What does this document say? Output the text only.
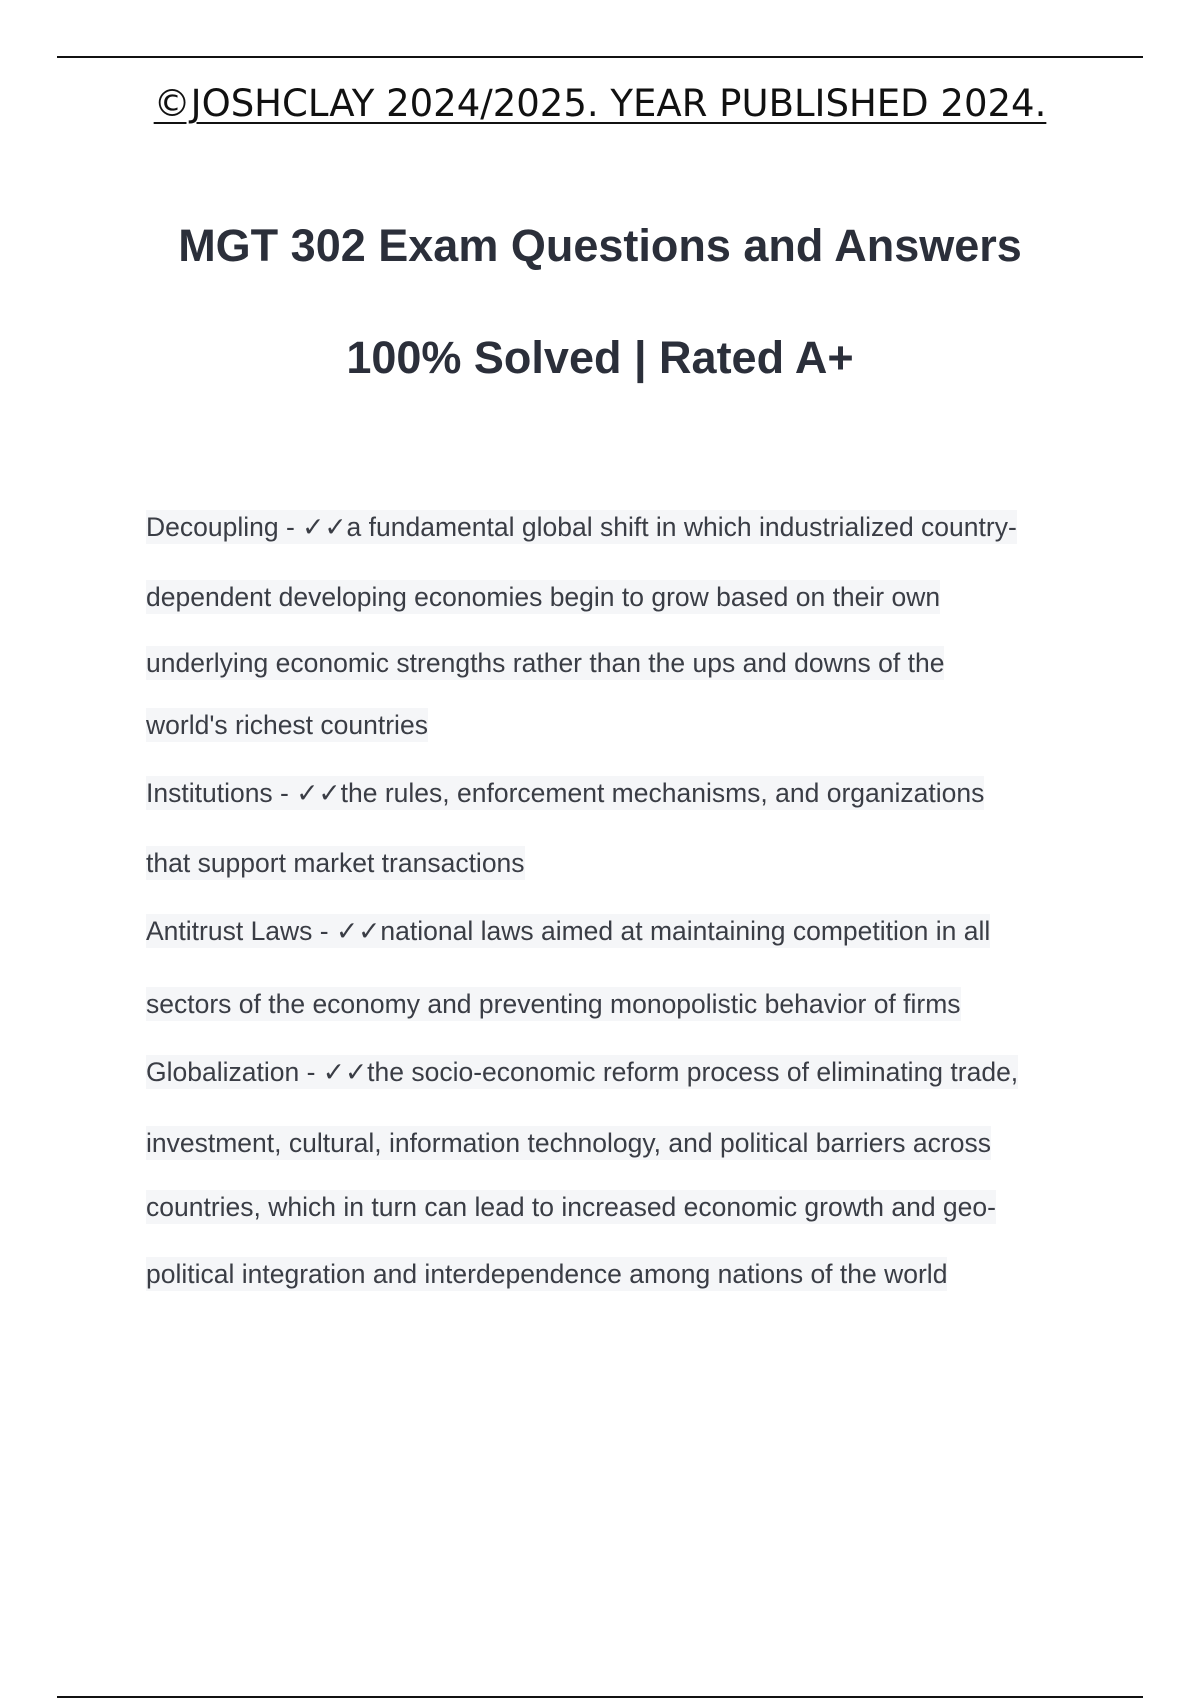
©JOSHCLAY 2024/2025. YEAR PUBLISHED 2024.
MGT 302 Exam Questions and Answers
100% Solved | Rated A+
Decoupling - ✓✓a fundamental global shift in which industrialized country-
dependent developing economies begin to grow based on their own
underlying economic strengths rather than the ups and downs of the
world's richest countries
Institutions - ✓✓the rules, enforcement mechanisms, and organizations
that support market transactions
Antitrust Laws - ✓✓national laws aimed at maintaining competition in all
sectors of the economy and preventing monopolistic behavior of firms
Globalization - ✓✓the socio-economic reform process of eliminating trade,
investment, cultural, information technology, and political barriers across
countries, which in turn can lead to increased economic growth and geo-
political integration and interdependence among nations of the world
